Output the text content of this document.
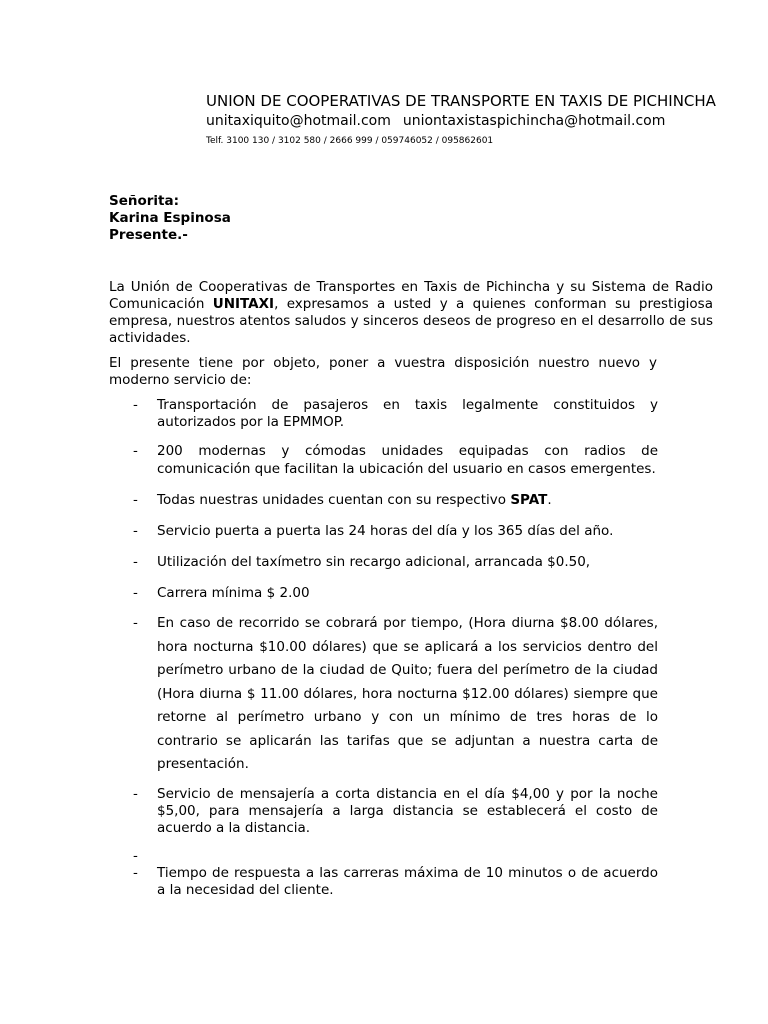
UNION DE COOPERATIVAS DE TRANSPORTE EN TAXIS DE PICHINCHA
unitaxiquito@hotmail.com uniontaxistaspichincha@hotmail.com
Telf. 3100 130 / 3102 580 / 2666 999 / 059746052 / 095862601
Señorita:
Karina Espinosa
Presente.-
La Unión de Cooperativas de Transportes en Taxis de Pichincha y su Sistema de Radio Comunicación UNITAXI, expresamos a usted y a quienes conforman su prestigiosa empresa, nuestros atentos saludos y sinceros deseos de progreso en el desarrollo de sus actividades.
El presente tiene por objeto, poner a vuestra disposición nuestro nuevo y moderno servicio de:
- Transportación de pasajeros en taxis legalmente constituidos y autorizados por la EPMMOP.
- 200 modernas y cómodas unidades equipadas con radios de comunicación que facilitan la ubicación del usuario en casos emergentes.
- Todas nuestras unidades cuentan con su respectivo SPAT.
- Servicio puerta a puerta las 24 horas del día y los 365 días del año.
- Utilización del taxímetro sin recargo adicional, arrancada $0.50,
- Carrera mínima $ 2.00
- En caso de recorrido se cobrará por tiempo, (Hora diurna $8.00 dólares, hora nocturna $10.00 dólares) que se aplicará a los servicios dentro del perímetro urbano de la ciudad de Quito; fuera del perímetro de la ciudad (Hora diurna $ 11.00 dólares, hora nocturna $12.00 dólares) siempre que retorne al perímetro urbano y con un mínimo de tres horas de lo contrario se aplicarán las tarifas que se adjuntan a nuestra carta de presentación.
- Servicio de mensajería a corta distancia en el día $4,00 y por la noche $5,00, para mensajería a larga distancia se establecerá el costo de acuerdo a la distancia.
-
- Tiempo de respuesta a las carreras máxima de 10 minutos o de acuerdo a la necesidad del cliente.
